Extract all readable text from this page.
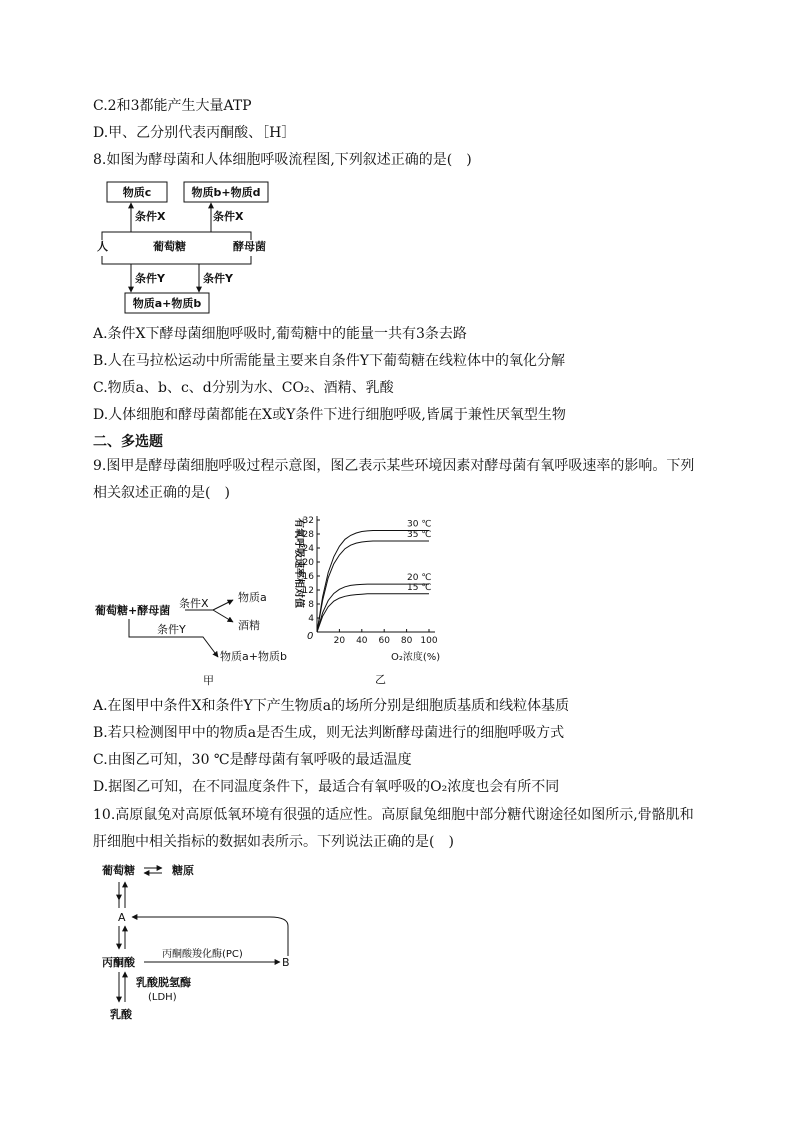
C.2和3都能产生大量ATP
D.甲、乙分别代表丙酮酸、［H］
8.如图为酵母菌和人体细胞呼吸流程图,下列叙述正确的是(　)
物质c	物质b+物质d
条件X	条件X
人	葡萄糖	酵母菌
条件Y	条件Y
物质a+物质b
A.条件X下酵母菌细胞呼吸时,葡萄糖中的能量一共有3条去路
B.人在马拉松运动中所需能量主要来自条件Y下葡萄糖在线粒体中的氧化分解
C.物质a、b、c、d分别为水、CO₂、酒精、乳酸
D.人体细胞和酵母菌都能在X或Y条件下进行细胞呼吸,皆属于兼性厌氧型生物
二、多选题
9.图甲是酵母菌细胞呼吸过程示意图，图乙表示某些环境因素对酵母菌有氧呼吸速率的影响。下列
相关叙述正确的是(　)
葡萄糖+酵母菌
条件X	物质a
酒精
条件Y
物质a+物质b
甲
有氧呼吸速率相对值
O₂浓度(%)
0
乙
4
8
12
16
20
24
28
32
20 40 60 80 100
30 ℃
35 ℃
20 ℃
15 ℃
A.在图甲中条件X和条件Y下产生物质a的场所分别是细胞质基质和线粒体基质
B.若只检测图甲中的物质a是否生成，则无法判断酵母菌进行的细胞呼吸方式
C.由图乙可知，30 ℃是酵母菌有氧呼吸的最适温度
D.据图乙可知，在不同温度条件下，最适合有氧呼吸的O₂浓度也会有所不同
10.高原鼠兔对高原低氧环境有很强的适应性。高原鼠兔细胞中部分糖代谢途径如图所示,骨骼肌和
肝细胞中相关指标的数据如表所示。下列说法正确的是(　)
葡萄糖	糖原
A
丙酮酸
丙酮酸羧化酶(PC)
B
乳酸脱氢酶
(LDH)
乳酸
